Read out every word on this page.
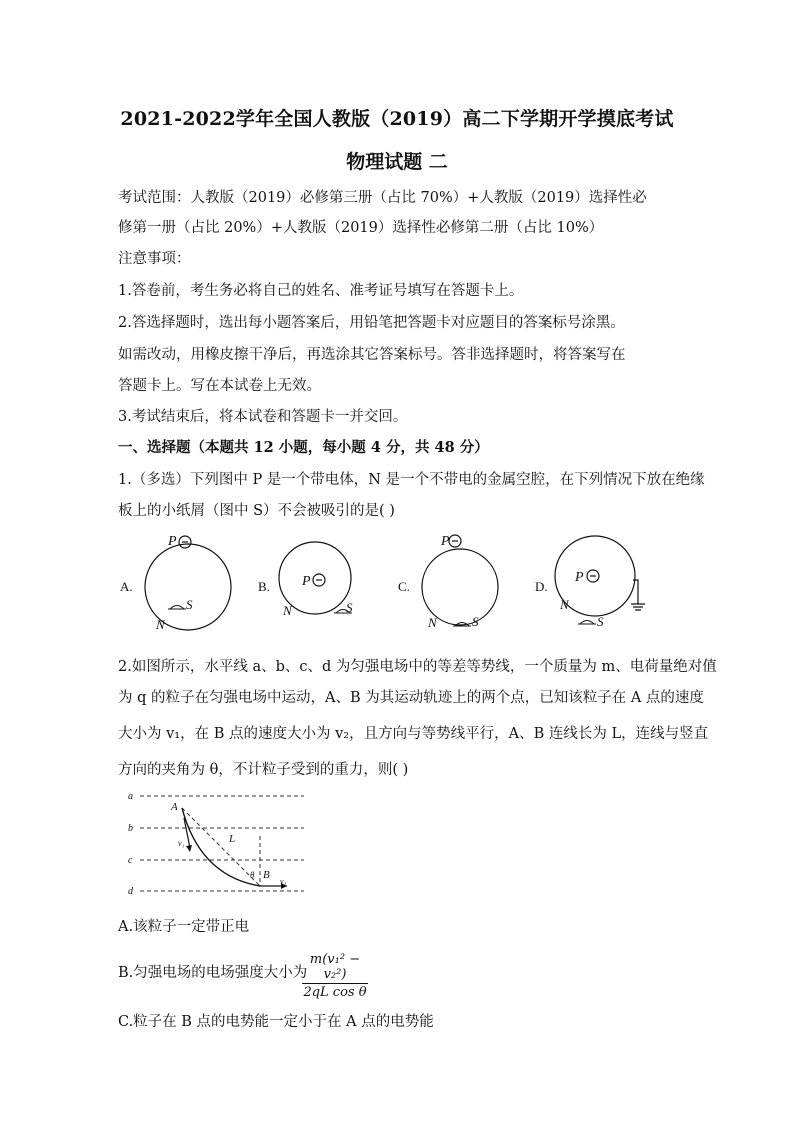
2021-2022学年全国人教版（2019）高二下学期开学摸底考试
物理试题 二
考试范围：人教版（2019）必修第三册（占比 70%）+人教版（2019）选择性必
修第一册（占比 20%）+人教版（2019）选择性必修第二册（占比 10%）
注意事项：
1.答卷前，考生务必将自己的姓名、准考证号填写在答题卡上。
2.答选择题时，选出每小题答案后，用铅笔把答题卡对应题目的答案标号涂黑。
如需改动，用橡皮擦干净后，再选涂其它答案标号。答非选择题时，将答案写在
答题卡上。写在本试卷上无效。
3.考试结束后，将本试卷和答题卡一并交回。
一、选择题（本题共 12 小题，每小题 4 分，共 48 分）
1.（多选）下列图中 P 是一个带电体，N 是一个不带电的金属空腔，在下列情况下放在绝缘
板上的小纸屑（图中 S）不会被吸引的是( )
A.
P
N
S
B. P
N	S
C.
P
N	S
D.
P
N
S
2.如图所示，水平线 a、b、c、d 为匀强电场中的等差等势线，一个质量为 m、电荷量绝对值
为 q 的粒子在匀强电场中运动，A、B 为其运动轨迹上的两个点，已知该粒子在 A 点的速度
大小为 v₁，在 B 点的速度大小为 v₂，且方向与等势线平行，A、B 连线长为 L，连线与竖直
方向的夹角为 θ，不计粒子受到的重力，则( )
a
b
c
d
A
B
L
θ
v₁
v₂
A.该粒子一定带正电
B.匀强电场的电场强度大小为
$\frac{\text{m(v₁² − v₂²)}}{\text{2qL cos θ}}$
C.粒子在 B 点的电势能一定小于在 A 点的电势能
